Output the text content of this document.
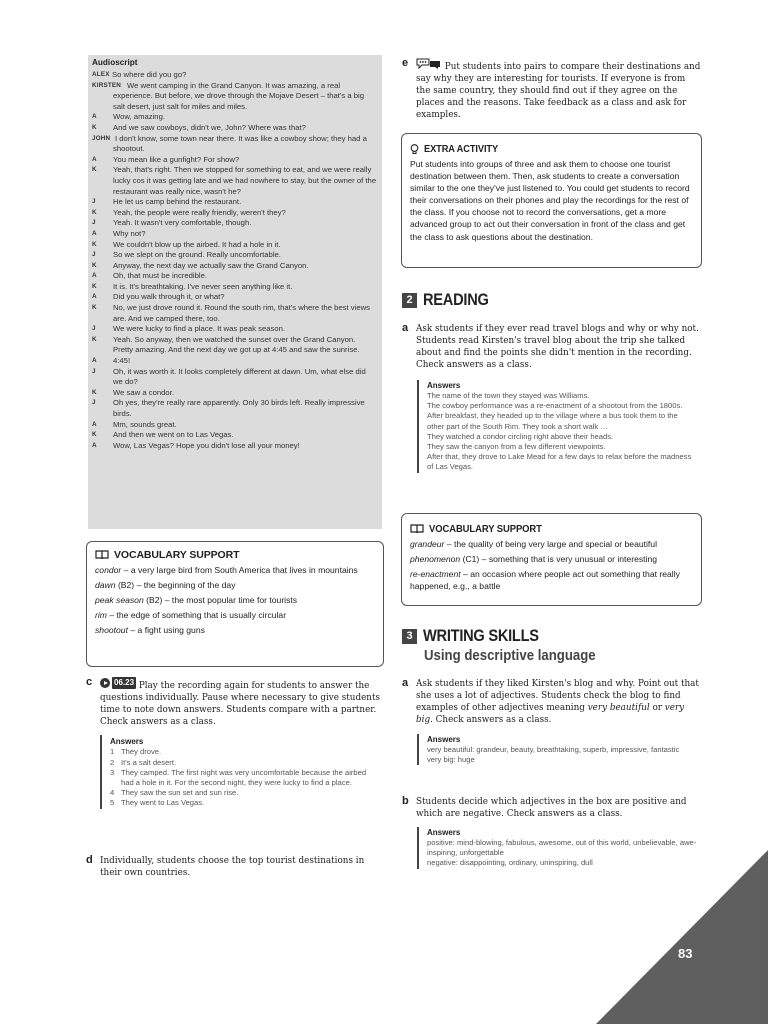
Audioscript
ALEX So where did you go?
KIRSTEN We went camping in the Grand Canyon. It was amazing, a real experience. But before, we drove through the Mojave Desert – that's a big salt desert, just salt for miles and miles.
A Wow, amazing.
K And we saw cowboys, didn't we, John? Where was that?
JOHN I don't know, some town near there. It was like a cowboy show; they had a shootout.
A You mean like a gunfight? For show?
K Yeah, that's right. Then we stopped for something to eat, and we were really lucky cos it was getting late and we had nowhere to stay, but the owner of the restaurant was really nice, wasn't he?
J He let us camp behind the restaurant.
K Yeah, the people were really friendly, weren't they?
J Yeah. It wasn't very comfortable, though.
A Why not?
K We couldn't blow up the airbed. It had a hole in it.
J So we slept on the ground. Really uncomfortable.
K Anyway, the next day we actually saw the Grand Canyon.
A Oh, that must be incredible.
K It is. It's breathtaking. I've never seen anything like it.
A Did you walk through it, or what?
K No, we just drove round it. Round the south rim, that's where the best views are. And we camped there, too.
J We were lucky to find a place. It was peak season.
K Yeah. So anyway, then we watched the sunset over the Grand Canyon. Pretty amazing. And the next day we got up at 4:45 and saw the sunrise.
A 4:45!
J Oh, it was worth it. It looks completely different at dawn. Um, what else did we do?
K We saw a condor.
J Oh yes, they're really rare apparently. Only 30 birds left. Really impressive birds.
A Mm, sounds great.
K And then we went on to Las Vegas.
A Wow, Las Vegas? Hope you didn't lose all your money!
VOCABULARY SUPPORT
condor – a very large bird from South America that lives in mountains
dawn (B2) – the beginning of the day
peak season (B2) – the most popular time for tourists
rim – the edge of something that is usually circular
shootout – a fight using guns
c	06.23 Play the recording again for students to answer the questions individually. Pause where necessary to give students time to note down answers. Students compare with a partner. Check answers as a class.
Answers
1 They drove.
2 It's a salt desert.
3 They camped. The first night was very uncomfortable because the airbed had a hole in it. For the second night, they were lucky to find a place.
4 They saw the sun set and sun rise.
5 They went to Las Vegas.
d Individually, students choose the top tourist destinations in their own countries.
e	Put students into pairs to compare their destinations and say why they are interesting for tourists. If everyone is from the same country, they should find out if they agree on the places and the reasons. Take feedback as a class and ask for examples.
EXTRA ACTIVITY
Put students into groups of three and ask them to choose one tourist destination between them. Then, ask students to create a conversation similar to the one they've just listened to. You could get students to record their conversations on their phones and play the recordings for the rest of the class. If you choose not to record the conversations, get a more advanced group to act out their conversation in front of the class and get the class to ask questions about the destination.
2 READING
a Ask students if they ever read travel blogs and why or why not. Students read Kirsten's travel blog about the trip she talked about and find the points she didn't mention in the recording. Check answers as a class.
Answers
The name of the town they stayed was Williams.
The cowboy performance was a re-enactment of a shootout from the 1800s.
After breakfast, they headed up to the village where a bus took them to the other part of the South Rim. They took a short walk …
They watched a condor circling right above their heads.
They saw the canyon from a few different viewpoints.
After that, they drove to Lake Mead for a few days to relax before the madness of Las Vegas.
VOCABULARY SUPPORT
grandeur – the quality of being very large and special or beautiful
phenomenon (C1) – something that is very unusual or interesting
re-enactment – an occasion where people act out something that really happened, e.g., a battle
3 WRITING SKILLS
Using descriptive language
a Ask students if they liked Kirsten's blog and why. Point out that she uses a lot of adjectives. Students check the blog to find examples of other adjectives meaning very beautiful or very big. Check answers as a class.
Answers
very beautiful: grandeur, beauty, breathtaking, superb, impressive, fantastic
very big: huge
b Students decide which adjectives in the box are positive and which are negative. Check answers as a class.
Answers
positive: mind-blowing, fabulous, awesome, out of this world, unbelievable, awe-inspiring, unforgettable
negative: disappointing, ordinary, uninspiring, dull
83
